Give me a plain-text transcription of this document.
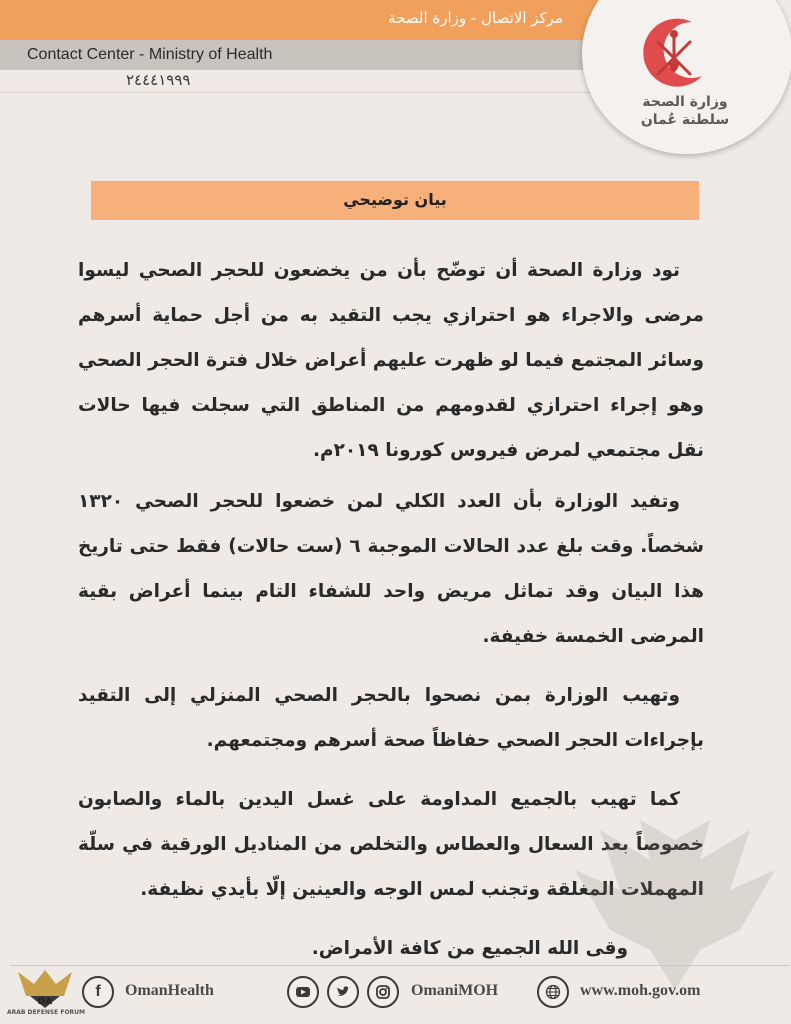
مركز الاتصال - وزارة الصحة
Contact Center - Ministry of Health
٢٤٤٤١٩٩٩
وزارة الصحة
سلطنة عُمان
بيان توضيحي

تود وزارة الصحة أن توضّح بأن من يخضعون للحجر الصحي ليسوا مرضى والاجراء هو احترازي يجب التقيد به من أجل حماية أسرهم وسائر المجتمع فيما لو ظهرت عليهم أعراض خلال فترة الحجر الصحي وهو إجراء احترازي لقدومهم من المناطق التي سجلت فيها حالات نقل مجتمعي لمرض فيروس كورونا ٢٠١٩م.

وتفيد الوزارة بأن العدد الكلي لمن خضعوا للحجر الصحي ١٣٢٠ شخصاً. وقت بلغ عدد الحالات الموجبة ٦ (ست حالات) فقط حتى تاريخ هذا البيان وقد تماثل مريض واحد للشفاء التام بينما أعراض بقية المرضى الخمسة خفيفة.

وتهيب الوزارة بمن نصحوا بالحجر الصحي المنزلي إلى التقيد بإجراءات الحجر الصحي حفاظاً صحة أسرهم ومجتمعهم.

كما تهيب بالجميع المداومة على غسل اليدين بالماء والصابون خصوصاً بعد السعال والعطاس والتخلص من المناديل الورقية في سلّة المهملات المغلقة وتجنب لمس الوجه والعينين إلّا بأيدي نظيفة.

وقى الله الجميع من كافة الأمراض.

DA
ARAB DEFENSE FORUM
f	OmanHealth	OmaniMOH	www.moh.gov.om
